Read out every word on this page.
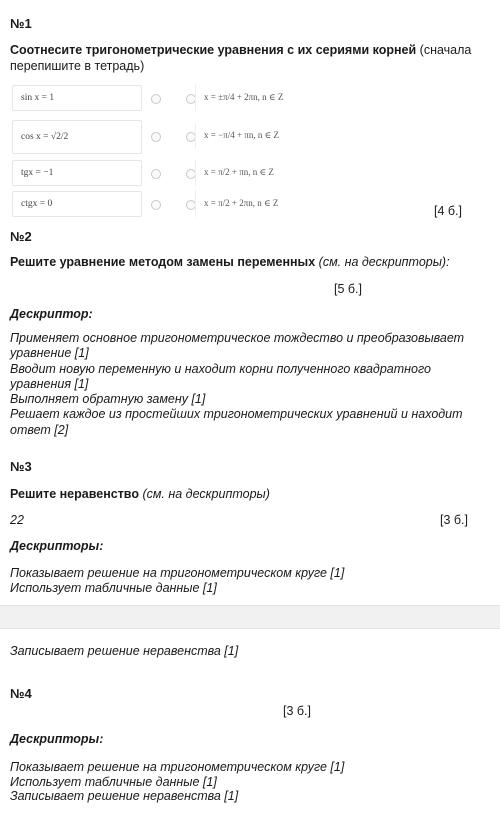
№1
Соотнесите тригонометрические уравнения с их сериями корней (сначала перепишите в тетрадь)
sin x = 1	x = ±π/4 + 2πn, n ∈ Z
cos x = √2/2	x = −π/4 + πn, n ∈ Z
tgx = −1	x = π/2 + πn, n ∈ Z
ctgx = 0	x = π/2 + 2πn, n ∈ Z
[4 б.]
№2
Решите уравнение методом замены переменных (см. на дескрипторы):
[5 б.]
Дескриптор:
Применяет основное тригонометрическое тождество и преобразовывает
уравнение [1]
Вводит новую переменную и находит корни полученного квадратного
уравнения [1]
Выполняет обратную замену [1]
Решает каждое из простейших тригонометрических уравнений и находит
ответ [2]
№3
Решите неравенство (см. на дескрипторы)
22	[3 б.]
Дескрипторы:
Показывает решение на тригонометрическом круге [1]
Использует табличные данные [1]
Записывает решение неравенства [1]
№4
[3 б.]
Дескрипторы:
Показывает решение на тригонометрическом круге [1]
Использует табличные данные [1]
Записывает решение неравенства [1]
